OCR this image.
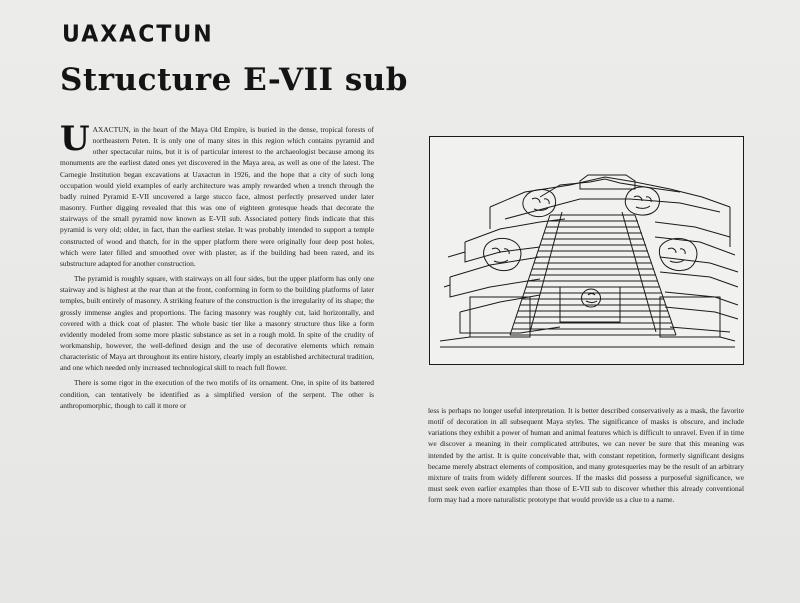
UAXACTUN
Structure E-VII sub

UAXACTUN, in the heart of the Maya Old Empire, is buried in the dense, tropical forests of northeastern Peten. It is only one of many sites in this region which contains pyramid and other spectacular ruins, but it is of particular interest to the archaeologist because among its monuments are the earliest dated ones yet discovered in the Maya area, as well as one of the latest. The Carnegie Institution began excavations at Uaxactun in 1926, and the hope that a city of such long occupation would yield examples of early architecture was amply rewarded when a trench through the badly ruined Pyramid E-VII uncovered a large stucco face, almost perfectly preserved under later masonry. Further digging revealed that this was one of eighteen grotesque heads that decorate the stairways of the small pyramid now known as E-VII sub. Associated pottery finds indicate that this pyramid is very old; older, in fact, than the earliest stelae. It was probably intended to support a temple constructed of wood and thatch, for in the upper platform there were originally four deep post holes, which were later filled and smoothed over with plaster, as if the building had been razed, and its substructure adapted for another construction.

The pyramid is roughly square, with stairways on all four sides, but the upper platform has only one stairway and is highest at the rear than at the front, conforming in form to the building platforms of later temples, built entirely of masonry. A striking feature of the construction is the irregularity of its shape; the grossly immense angles and proportions. The facing masonry was roughly cut, laid horizontally, and covered with a thick coat of plaster. The whole basic tier like a masonry structure thus like a form evidently modeled from some more plastic substance as set in a rough mold. In spite of the crudity of workmanship, however, the well-defined design and the use of decorative elements which remain characteristic of Maya art throughout its entire history, clearly imply an established architectural tradition, and one which needed only increased technological skill to reach full flower.

There is some rigor in the execution of the two motifs of its ornament. One, in spite of its battered condition, can tentatively be identified as a simplified version of the serpent. The other is anthropomorphic, though to call it more or

less is perhaps no longer useful interpretation. It is better described conservatively as a mask, the favorite motif of decoration in all subsequent Maya styles. The significance of masks is obscure, and include variations they exhibit a power of human and animal features which is difficult to unravel. Even if in time we discover a meaning in their complicated attributes, we can never be sure that this meaning was intended by the artist. It is quite conceivable that, with constant repetition, formerly significant designs became merely abstract elements of composition, and many grotesqueries may be the result of an arbitrary mixture of traits from widely different sources. If the masks did possess a purposeful significance, we must seek even earlier examples than those of E-VII sub to discover whether this already conventional form may had a more naturalistic prototype that would provide us a clue to a name.
